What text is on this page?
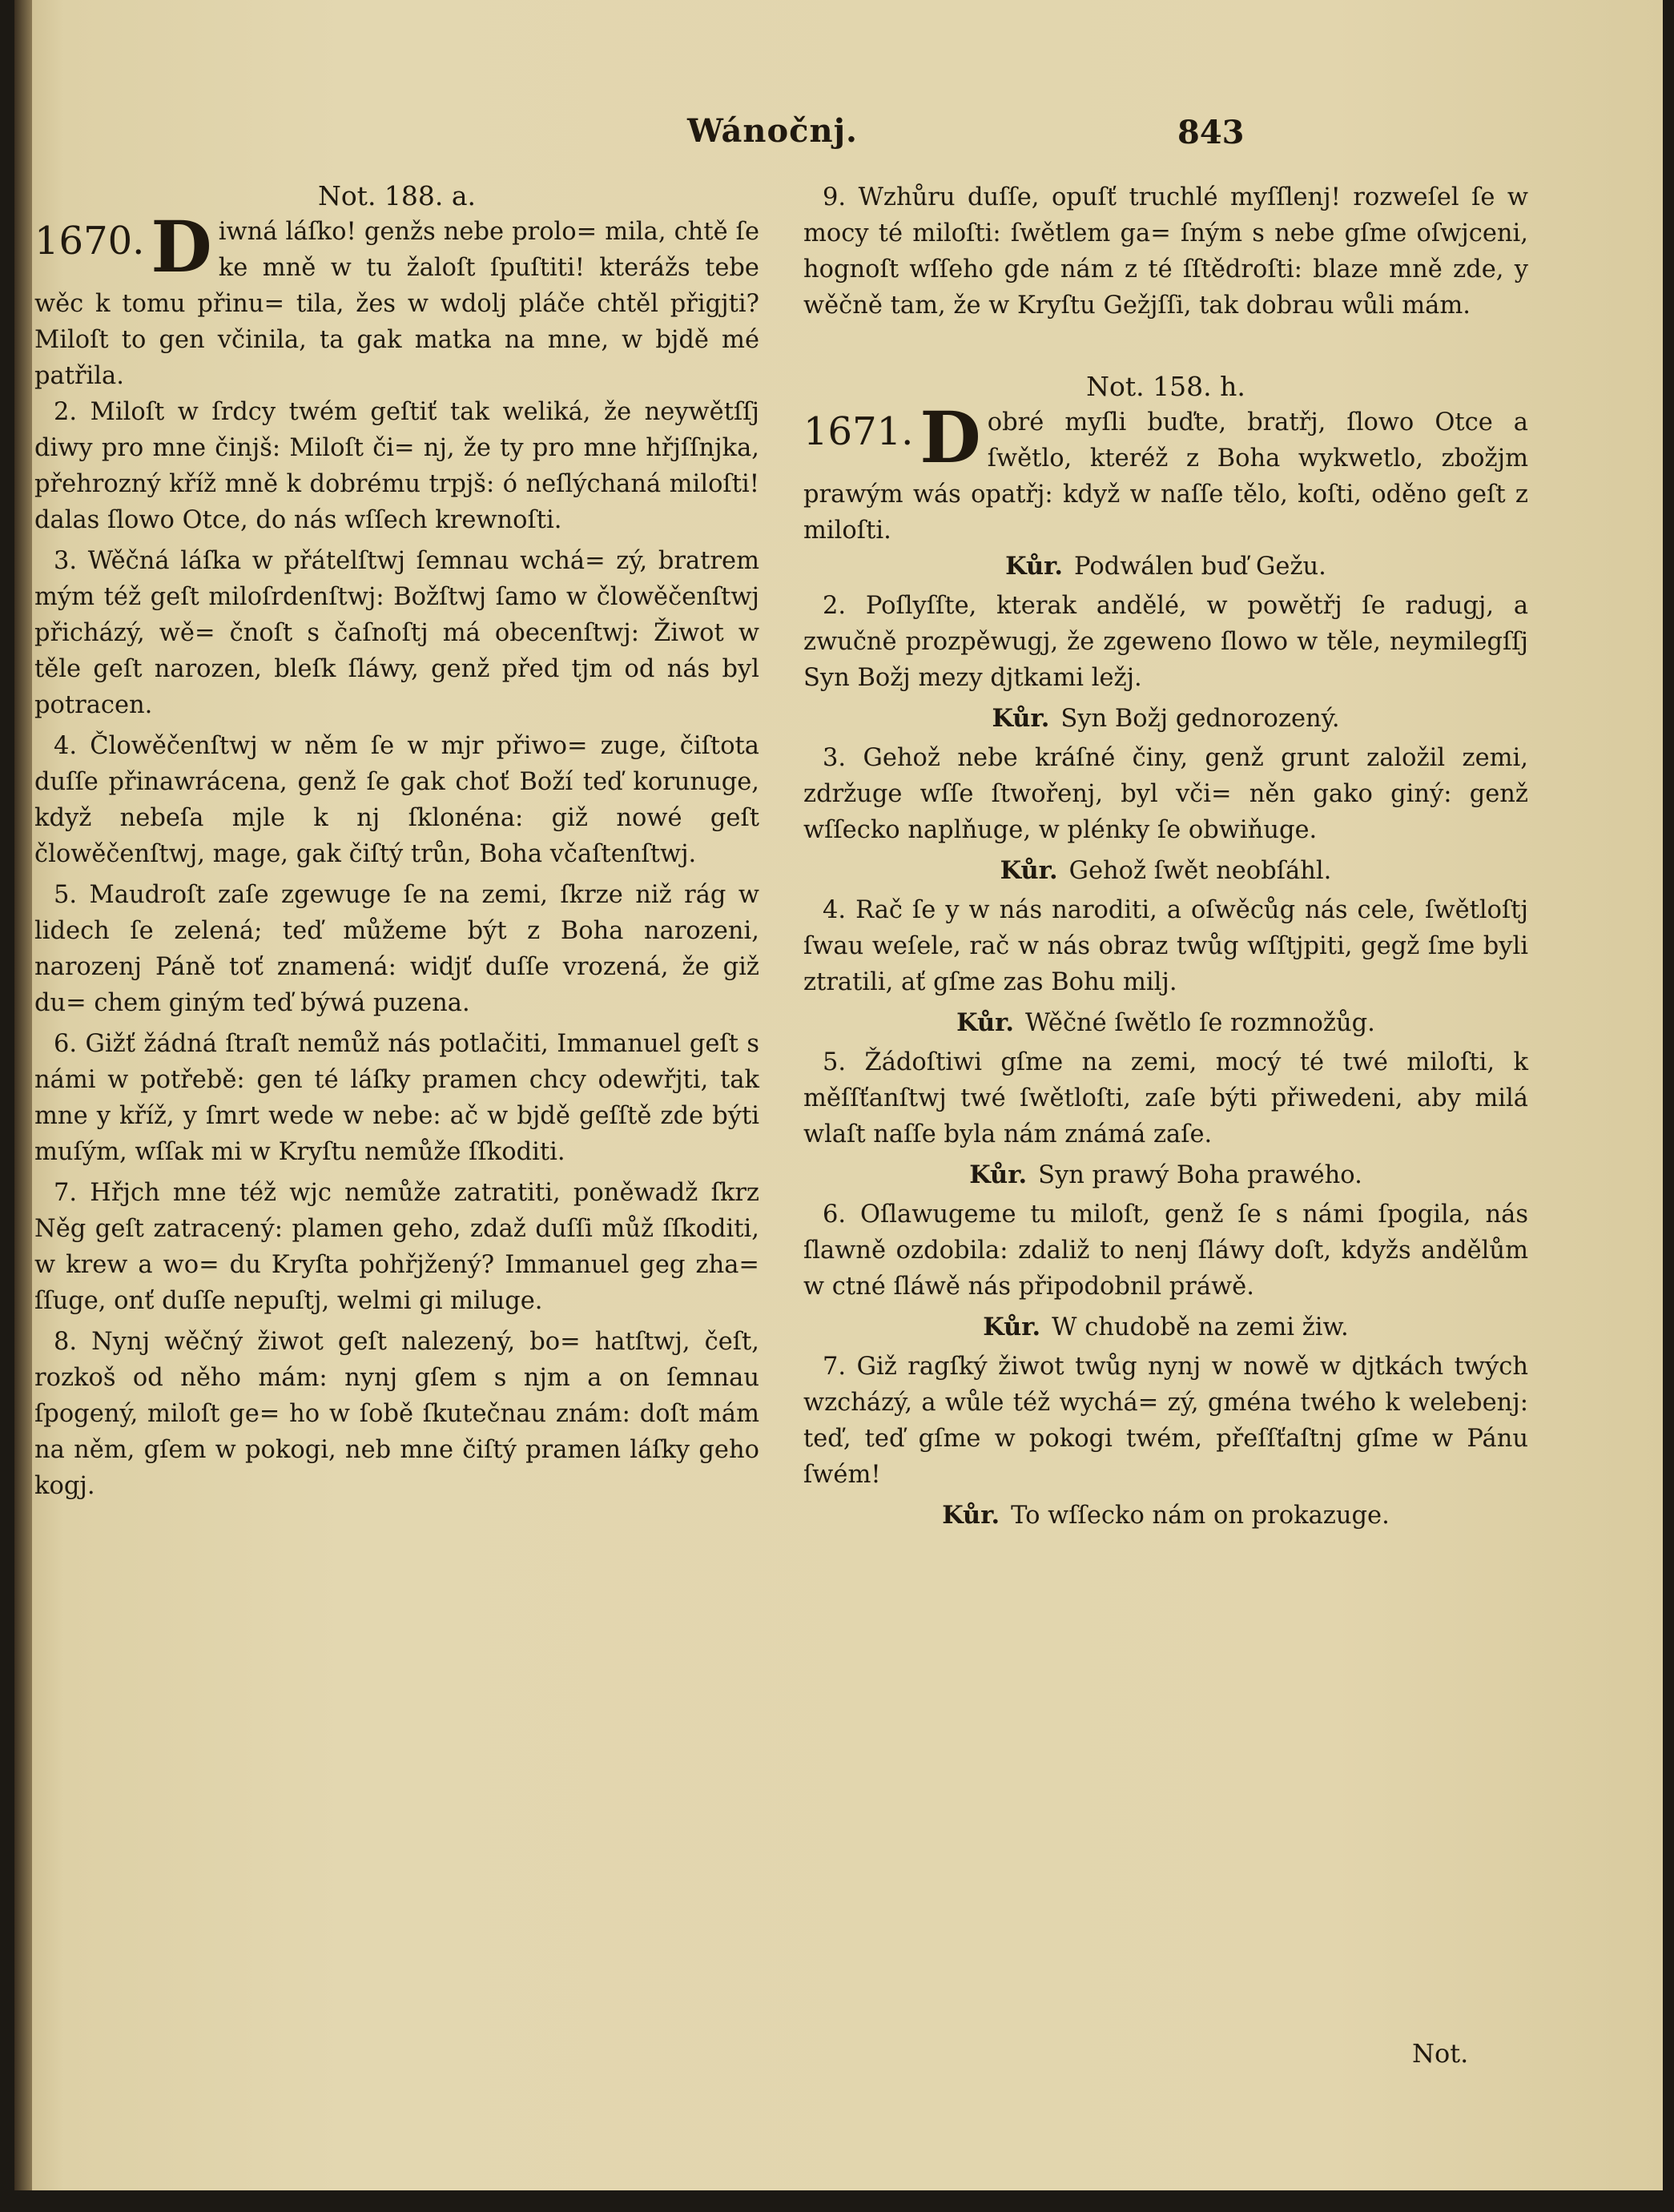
Wánočnj.	843

Not. 188. a.

1670. D iwná láſko! genžs nebe prolo= mila, chtě ſe ke mně w tu žaloſt ſpuſtiti! kterážs tebe wěc k tomu přinu= tila, žes w wdolj pláče chtěl přigjti? Miloſt to gen včinila, ta gak matka na mne, w bjdě mé patřila.

2. Miloſt w ſrdcy twém geſtiť tak weliká, že neywětſſj diwy pro mne činjš: Miloſt či= nj, že ty pro mne hřjſſnjka, přehrozný kříž mně k dobrému trpjš: ó neſlýchaná miloſti! dalas ſlowo Otce, do nás wſſech krewnoſti.

3. Wěčná láſka w přátelſtwj ſemnau wchá= zý, bratrem mým též geſt miloſrdenſtwj: Božſtwj ſamo w člowěčenſtwj přicházý, wě= čnoſt s čaſnoſtj má obecenſtwj: Žiwot w těle geſt narozen, bleſk ſláwy, genž před tjm od nás byl potracen.

4. Člowěčenſtwj w něm ſe w mjr přiwo= zuge, čiſtota duſſe přinawrácena, genž ſe gak choť Boží teď korunuge, když nebeſa mjle k nj ſklonéna: giž nowé geſt člowěčenſtwj, mage, gak čiſtý trůn, Boha včaſtenſtwj.

5. Maudroſt zaſe zgewuge ſe na zemi, ſkrze niž rág w lidech ſe zelená; teď můžeme být z Boha narozeni, narozenj Páně toť znamená: widjť duſſe vrozená, že giž du= chem giným teď býwá puzena.

6. Gižť žádná ſtraſt nemůž nás potlačiti, Immanuel geſt s námi w potřebě: gen té láſky pramen chcy odewřjti, tak mne y kříž, y ſmrt wede w nebe: ač w bjdě geſſtě zde býti muſým, wſſak mi w Kryſtu nemůže ſſkoditi.

7. Hřjch mne též wjc nemůže zatratiti, poněwadž ſkrz Něg geſt zatracený: plamen geho, zdaž duſſi můž ſſkoditi, w krew a wo= du Kryſta pohřjžený? Immanuel geg zha= ſſuge, onť duſſe nepuſtj, welmi gi miluge.

8. Nynj wěčný žiwot geſt nalezený, bo= hatſtwj, čeſt, rozkoš od něho mám: nynj gſem s njm a on ſemnau ſpogený, miloſt ge= ho w ſobě ſkutečnau znám: doſt mám na něm, gſem w pokogi, neb mne čiſtý pramen láſky geho kogj.

9. Wzhůru duſſe, opuſť truchlé myſſlenj! rozweſel ſe w mocy té miloſti: ſwětlem ga= ſným s nebe gſme oſwjceni, hognoſt wſſeho gde nám z té ſſtědroſti: blaze mně zde, y wěčně tam, že w Kryſtu Gežjſſi, tak dobrau wůli mám.

Not. 158. h.

1671. D obré myſli buďte, bratřj, ſlowo Otce a ſwětlo, kteréž z Boha wykwetlo, zbožjm prawým wás opatřj: když w naſſe tělo, koſti, oděno geſt z miloſti.

Kůr. Podwálen buď Gežu.

2. Poſlyſſte, kterak andělé, w powětřj ſe radugj, a zwučně prozpěwugj, že zgeweno ſlowo w těle, neymilegſſj Syn Božj mezy djtkami ležj.

Kůr. Syn Božj gednorozený.

3. Gehož nebe kráſné činy, genž grunt založil zemi, zdržuge wſſe ſtwořenj, byl vči= něn gako giný: genž wſſecko naplňuge, w plénky ſe obwiňuge.

Kůr. Gehož ſwět neobſáhl.

4. Rač ſe y w nás naroditi, a oſwěcůg nás cele, ſwětloſtj ſwau weſele, rač w nás obraz twůg wſſtjpiti, gegž ſme byli ztratili, ať gſme zas Bohu milj.

Kůr. Wěčné ſwětlo ſe rozmnožůg.

5. Žádoſtiwi gſme na zemi, mocý té twé miloſti, k měſſťanſtwj twé ſwětloſti, zaſe býti přiwedeni, aby milá wlaſt naſſe byla nám známá zaſe.

Kůr. Syn prawý Boha prawého.

6. Oſlawugeme tu miloſt, genž ſe s námi ſpogila, nás ſlawně ozdobila: zdaliž to nenj ſláwy doſt, kdyžs andělům w ctné ſláwě nás připodobnil práwě.

Kůr. W chudobě na zemi žiw.

7. Giž ragſký žiwot twůg nynj w nowě w djtkách twých wzcházý, a wůle též wychá= zý, gména twého k welebenj: teď, teď gſme w pokogi twém, přeſſťaſtnj gſme w Pánu ſwém!

Kůr. To wſſecko nám on prokazuge.

Not.
